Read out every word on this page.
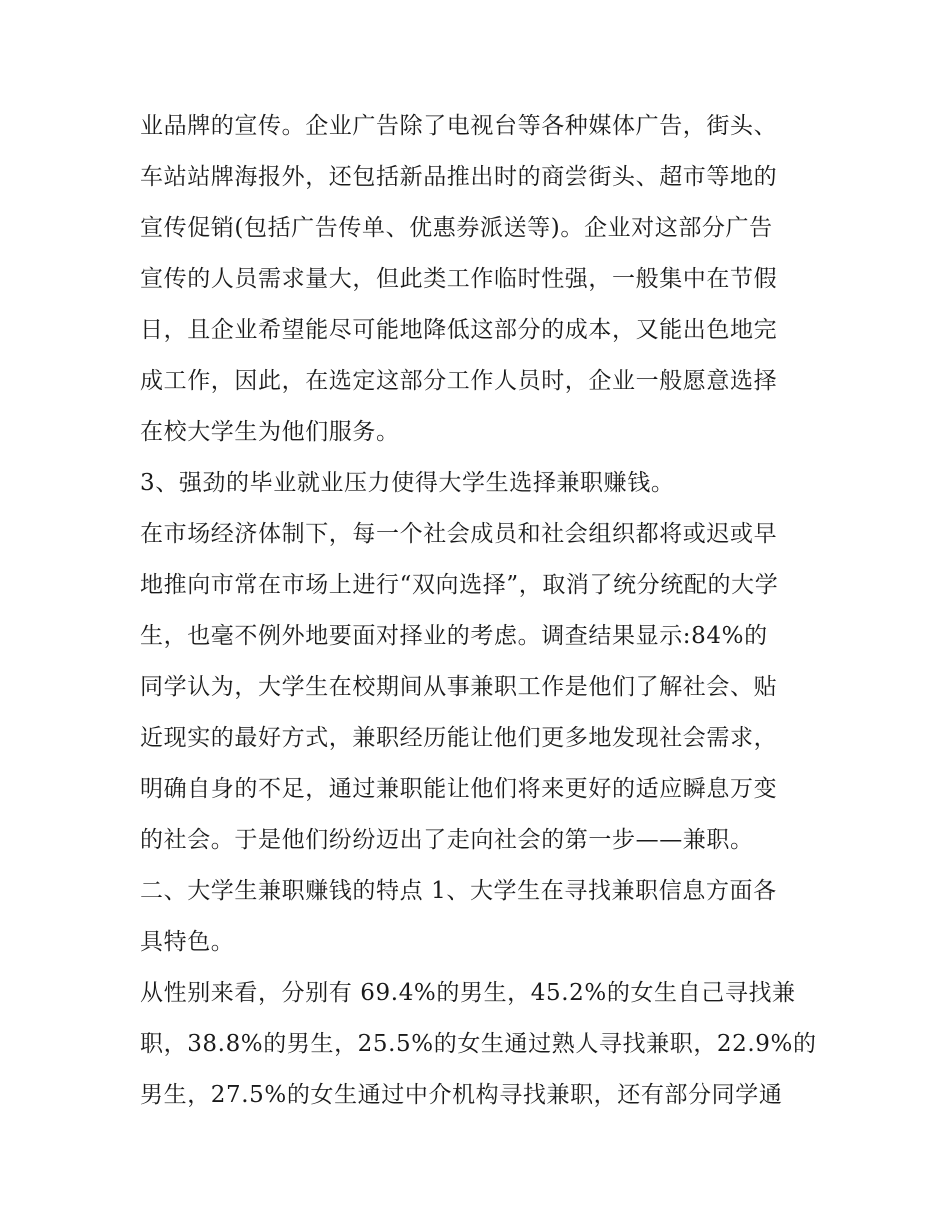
业品牌的宣传。企业广告除了电视台等各种媒体广告，街头、
车站站牌海报外，还包括新品推出时的商尝街头、超市等地的
宣传促销(包括广告传单、优惠券派送等)。企业对这部分广告
宣传的人员需求量大，但此类工作临时性强，一般集中在节假
日，且企业希望能尽可能地降低这部分的成本，又能出色地完
成工作，因此，在选定这部分工作人员时，企业一般愿意选择
在校大学生为他们服务。
3、强劲的毕业就业压力使得大学生选择兼职赚钱。
在市场经济体制下，每一个社会成员和社会组织都将或迟或早
地推向市常在市场上进行“双向选择”，取消了统分统配的大学
生，也毫不例外地要面对择业的考虑。调查结果显示:84%的
同学认为，大学生在校期间从事兼职工作是他们了解社会、贴
近现实的最好方式，兼职经历能让他们更多地发现社会需求，
明确自身的不足，通过兼职能让他们将来更好的适应瞬息万变
的社会。于是他们纷纷迈出了走向社会的第一步——兼职。
二、大学生兼职赚钱的特点 1、大学生在寻找兼职信息方面各
具特色。
从性别来看，分别有 69.4%的男生，45.2%的女生自己寻找兼
职，38.8%的男生，25.5%的女生通过熟人寻找兼职，22.9%的
男生，27.5%的女生通过中介机构寻找兼职，还有部分同学通
